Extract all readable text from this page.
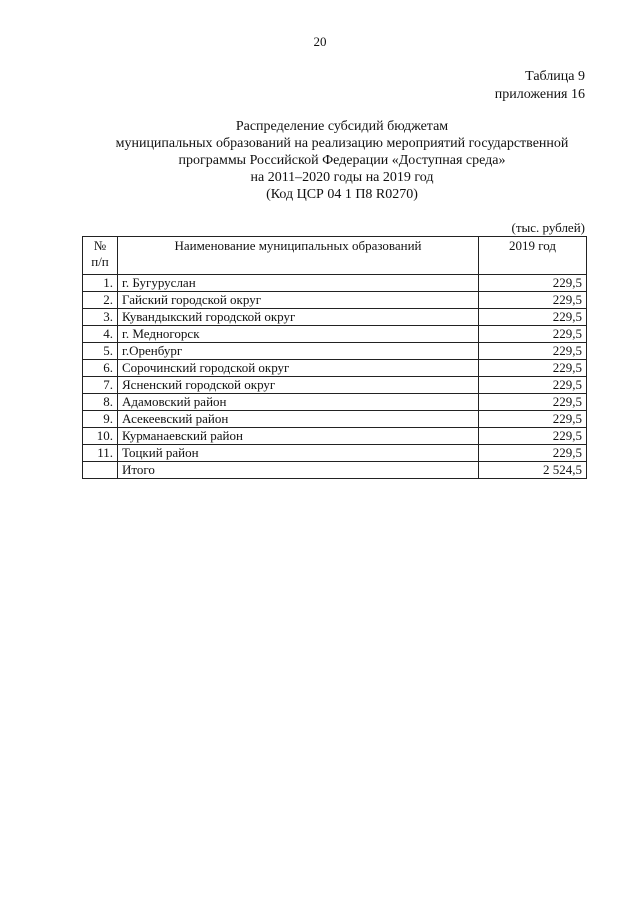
20
Таблица 9
приложения 16
Распределение субсидий бюджетам
муниципальных образований на реализацию мероприятий государственной
программы Российской Федерации «Доступная среда»
на 2011–2020 годы на 2019 год
(Код ЦСР 04 1 П8 R0270)
(тыс. рублей)
№
п/п	Наименование муниципальных образований	2019 год
1.	г. Бугуруслан	229,5
2.	Гайский городской округ	229,5
3.	Кувандыкский городской округ	229,5
4.	г. Медногорск	229,5
5.	г.Оренбург	229,5
6.	Сорочинский городской округ	229,5
7.	Ясненский городской округ	229,5
8.	Адамовский район	229,5
9.	Асекеевский район	229,5
10.	Курманаевский район	229,5
11.	Тоцкий район	229,5
	Итого	2 524,5
